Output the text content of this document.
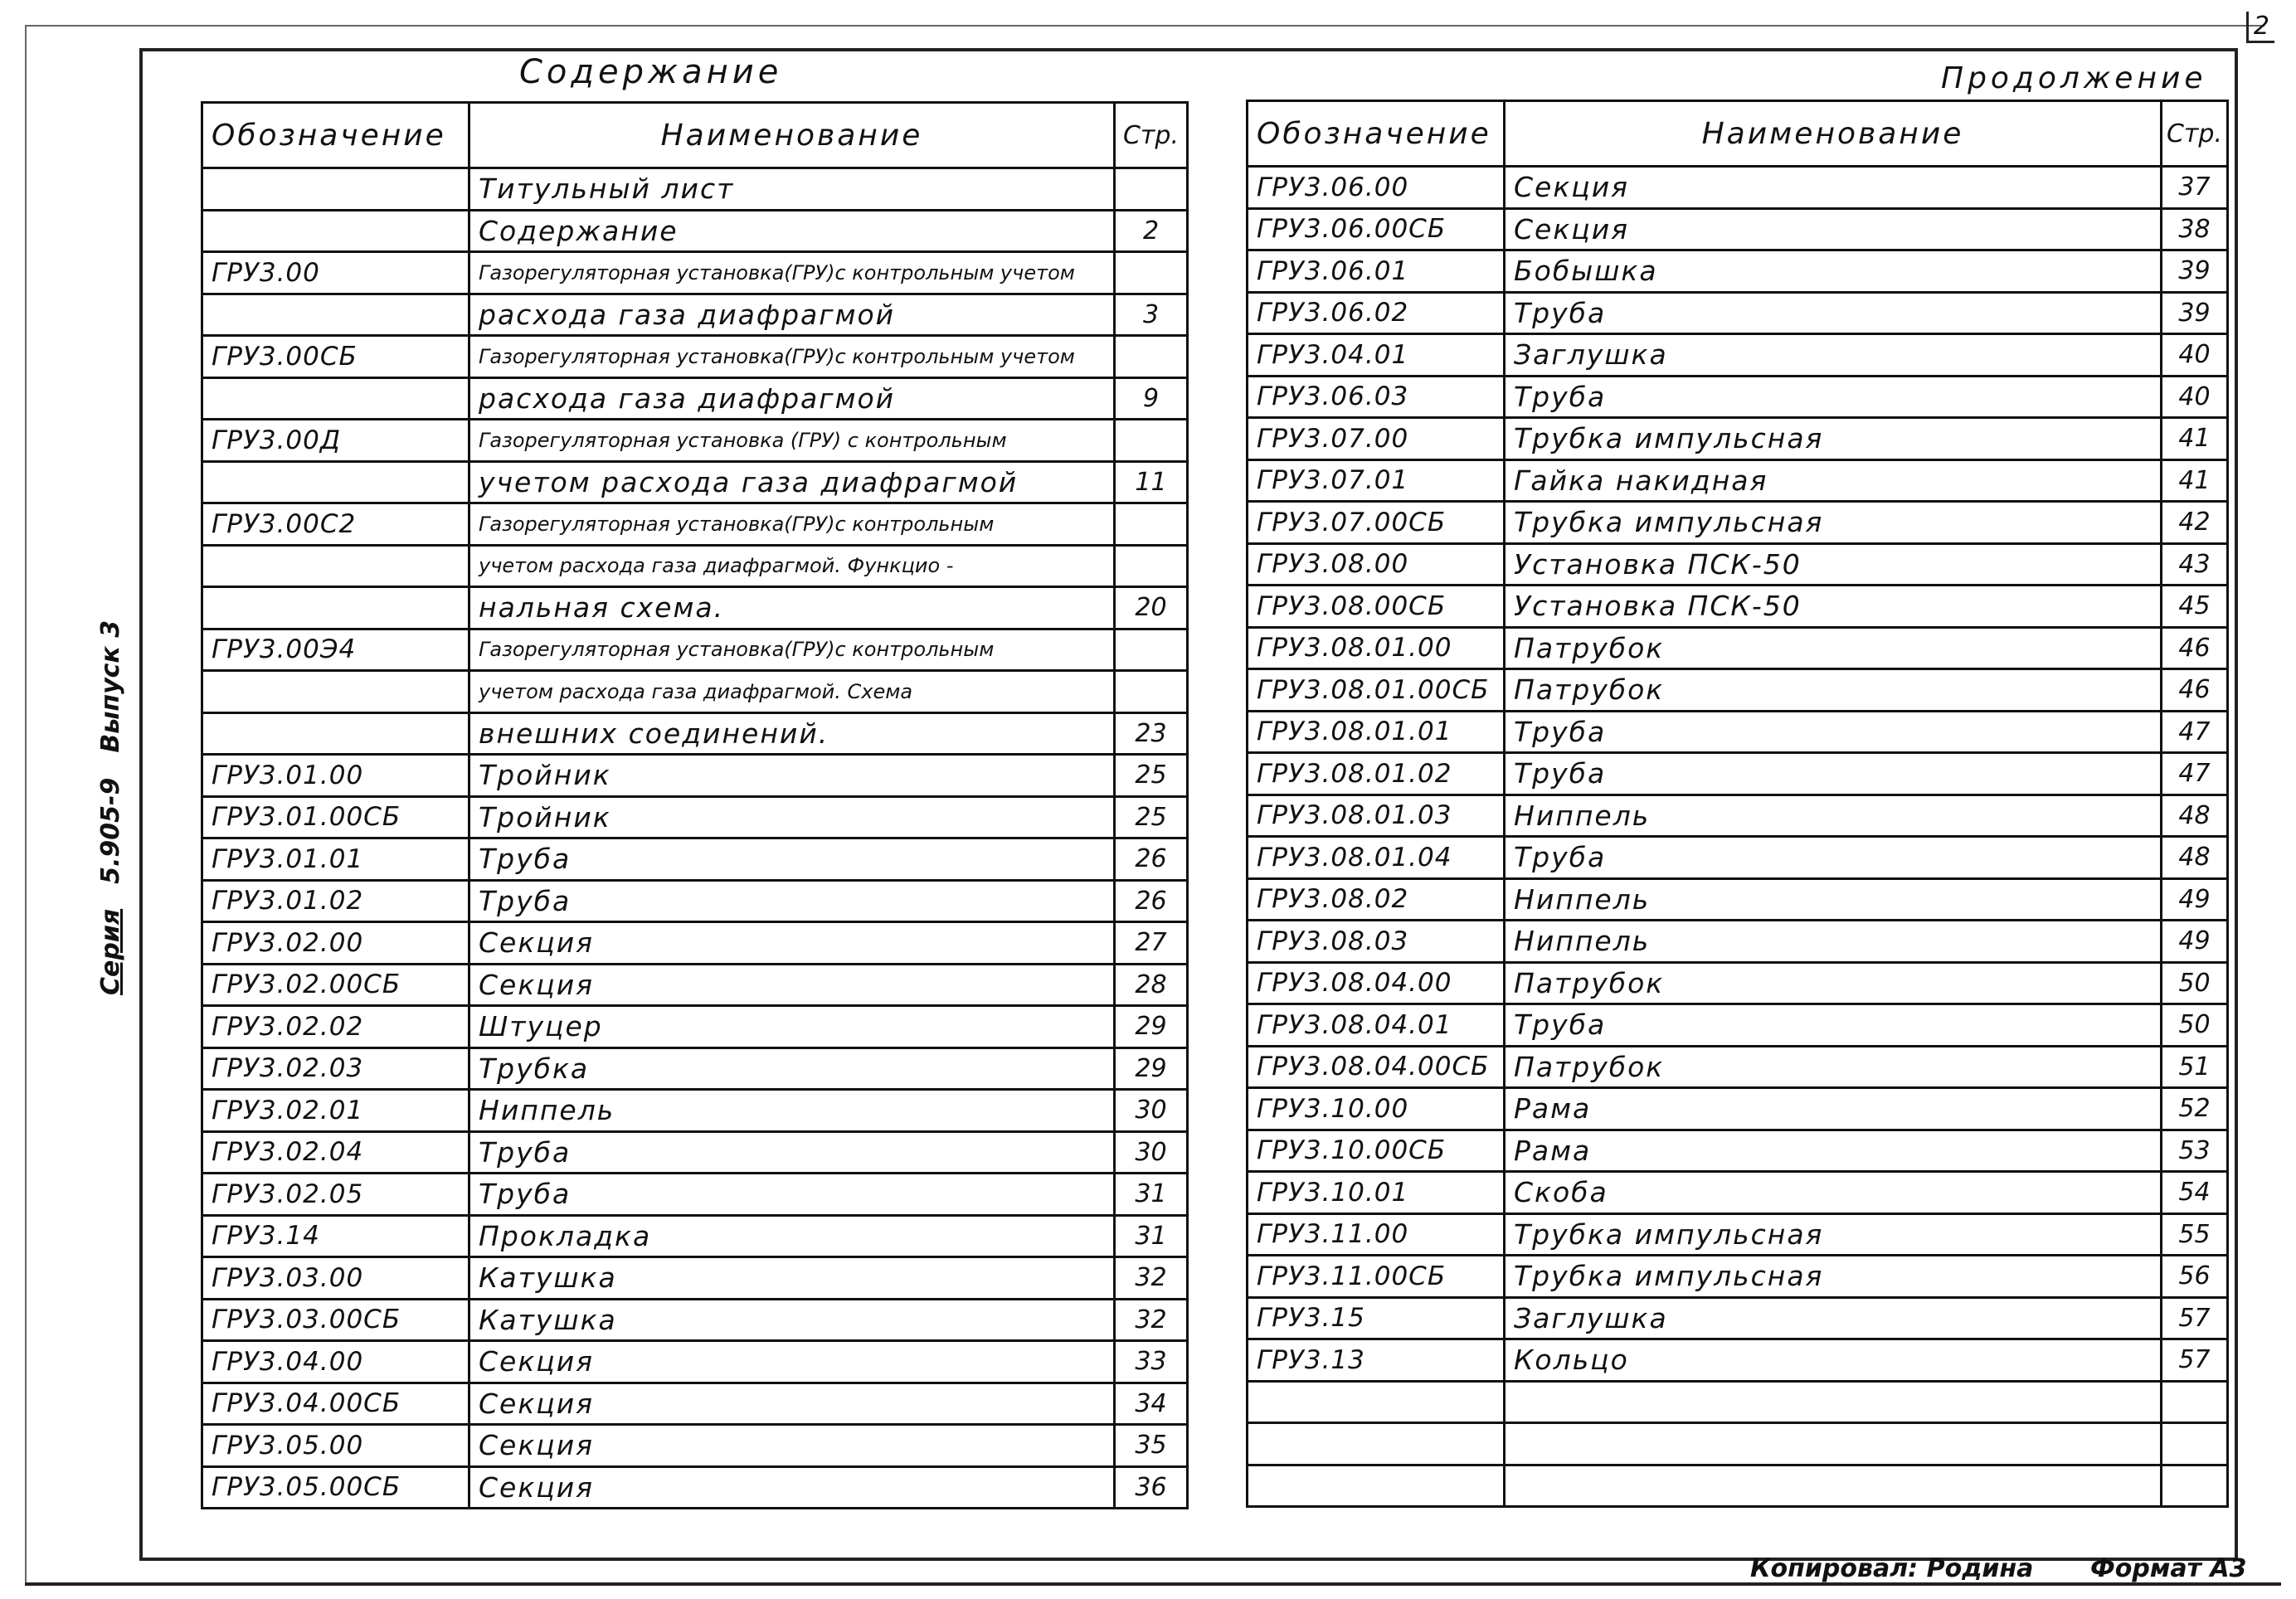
2
Содержание	Продолжение
Серия
5.905-9
Выпуск 3
Обозначение	Наименование	Стр.
	Титульный лист	
	Содержание	2
ГРУ3.00	Газорегуляторная установка(ГРУ)с контрольным учетом	
	расхода газа диафрагмой	3
ГРУ3.00СБ	Газорегуляторная установка(ГРУ)с контрольным учетом	
	расхода газа диафрагмой	9
ГРУ3.00Д	Газорегуляторная установка (ГРУ) с контрольным	
	учетом расхода газа диафрагмой	11
ГРУ3.00С2	Газорегуляторная установка(ГРУ)с контрольным	
	учетом расхода газа диафрагмой. Функцио -	
	нальная схема.	20
ГРУ3.00Э4	Газорегуляторная установка(ГРУ)с контрольным	
	учетом расхода газа диафрагмой. Схема	
	внешних соединений.	23
ГРУ3.01.00	Тройник	25
ГРУ3.01.00СБ	Тройник	25
ГРУ3.01.01	Труба	26
ГРУ3.01.02	Труба	26
ГРУ3.02.00	Секция	27
ГРУ3.02.00СБ	Секция	28
ГРУ3.02.02	Штуцер	29
ГРУ3.02.03	Трубка	29
ГРУ3.02.01	Ниппель	30
ГРУ3.02.04	Труба	30
ГРУ3.02.05	Труба	31
ГРУ3.14	Прокладка	31
ГРУ3.03.00	Катушка	32
ГРУ3.03.00СБ	Катушка	32
ГРУ3.04.00	Секция	33
ГРУ3.04.00СБ	Секция	34
ГРУ3.05.00	Секция	35
ГРУ3.05.00СБ	Секция	36
Обозначение	Наименование	Стр.
ГРУ3.06.00	Секция	37
ГРУ3.06.00СБ	Секция	38
ГРУ3.06.01	Бобышка	39
ГРУ3.06.02	Труба	39
ГРУ3.04.01	Заглушка	40
ГРУ3.06.03	Труба	40
ГРУ3.07.00	Трубка импульсная	41
ГРУ3.07.01	Гайка накидная	41
ГРУ3.07.00СБ	Трубка импульсная	42
ГРУ3.08.00	Установка ПСК-50	43
ГРУ3.08.00СБ	Установка ПСК-50	45
ГРУ3.08.01.00	Патрубок	46
ГРУ3.08.01.00СБ	Патрубок	46
ГРУ3.08.01.01	Труба	47
ГРУ3.08.01.02	Труба	47
ГРУ3.08.01.03	Ниппель	48
ГРУ3.08.01.04	Труба	48
ГРУ3.08.02	Ниппель	49
ГРУ3.08.03	Ниппель	49
ГРУ3.08.04.00	Патрубок	50
ГРУ3.08.04.01	Труба	50
ГРУ3.08.04.00СБ	Патрубок	51
ГРУ3.10.00	Рама	52
ГРУ3.10.00СБ	Рама	53
ГРУ3.10.01	Скоба	54
ГРУ3.11.00	Трубка импульсная	55
ГРУ3.11.00СБ	Трубка импульсная	56
ГРУ3.15	Заглушка	57
ГРУ3.13	Кольцо	57

Копировал: Родина Формат А3
